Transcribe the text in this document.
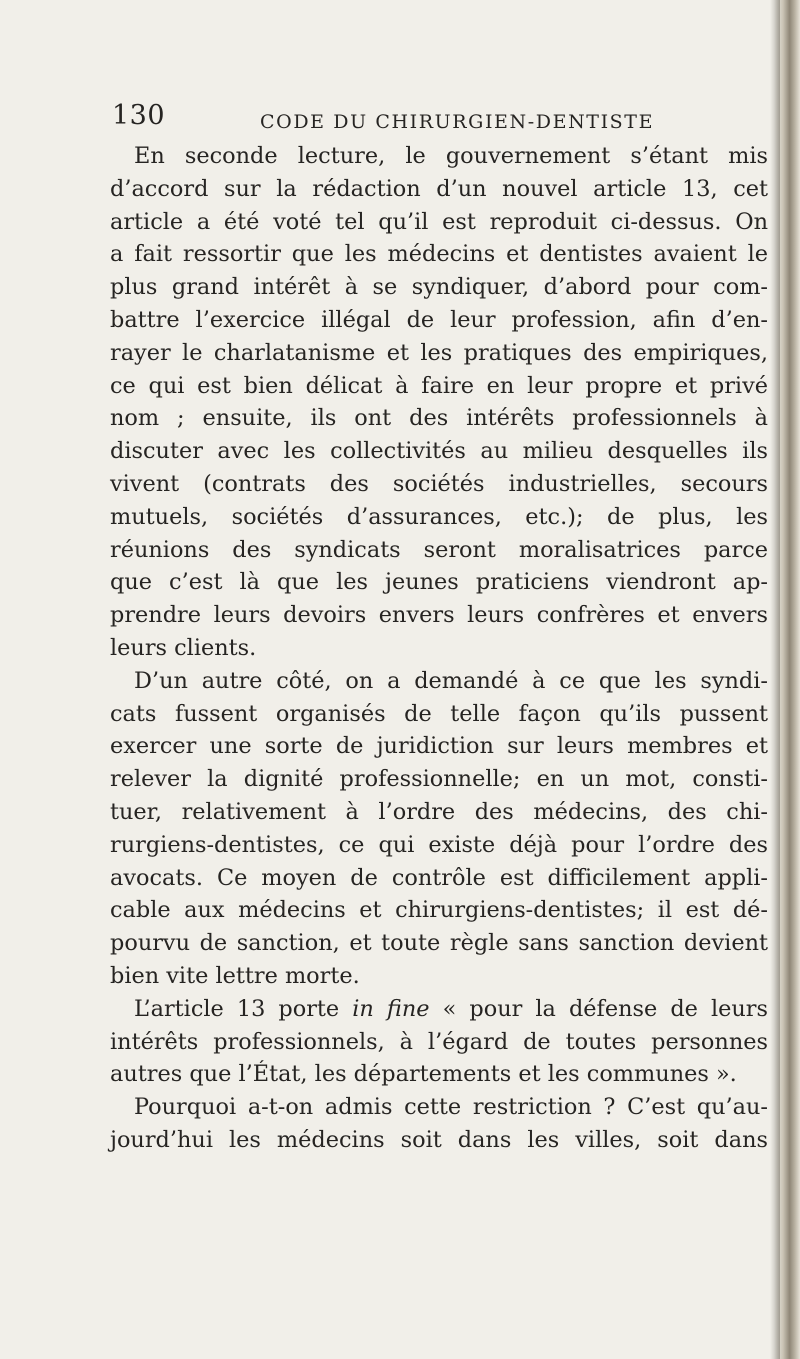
130	CODE DU CHIRURGIEN-DENTISTE
En seconde lecture, le gouvernement s’étant mis
d’accord sur la rédaction d’un nouvel article 13, cet
article a été voté tel qu’il est reproduit ci-dessus. On
a fait ressortir que les médecins et dentistes avaient le
plus grand intérêt à se syndiquer, d’abord pour com-
battre l’exercice illégal de leur profession, afin d’en-
rayer le charlatanisme et les pratiques des empiriques,
ce qui est bien délicat à faire en leur propre et privé
nom ; ensuite, ils ont des intérêts professionnels à
discuter avec les collectivités au milieu desquelles ils
vivent (contrats des sociétés industrielles, secours
mutuels, sociétés d’assurances, etc.); de plus, les
réunions des syndicats seront moralisatrices parce
que c’est là que les jeunes praticiens viendront ap-
prendre leurs devoirs envers leurs confrères et envers
leurs clients.
D’un autre côté, on a demandé à ce que les syndi-
cats fussent organisés de telle façon qu’ils pussent
exercer une sorte de juridiction sur leurs membres et
relever la dignité professionnelle; en un mot, consti-
tuer, relativement à l’ordre des médecins, des chi-
rurgiens-dentistes, ce qui existe déjà pour l’ordre des
avocats. Ce moyen de contrôle est difficilement appli-
cable aux médecins et chirurgiens-dentistes; il est dé-
pourvu de sanction, et toute règle sans sanction devient
bien vite lettre morte.
L’article 13 porte in fine « pour la défense de leurs
intérêts professionnels, à l’égard de toutes personnes
autres que l’État, les départements et les communes ».
Pourquoi a-t-on admis cette restriction ? C’est qu’au-
jourd’hui les médecins soit dans les villes, soit dans
